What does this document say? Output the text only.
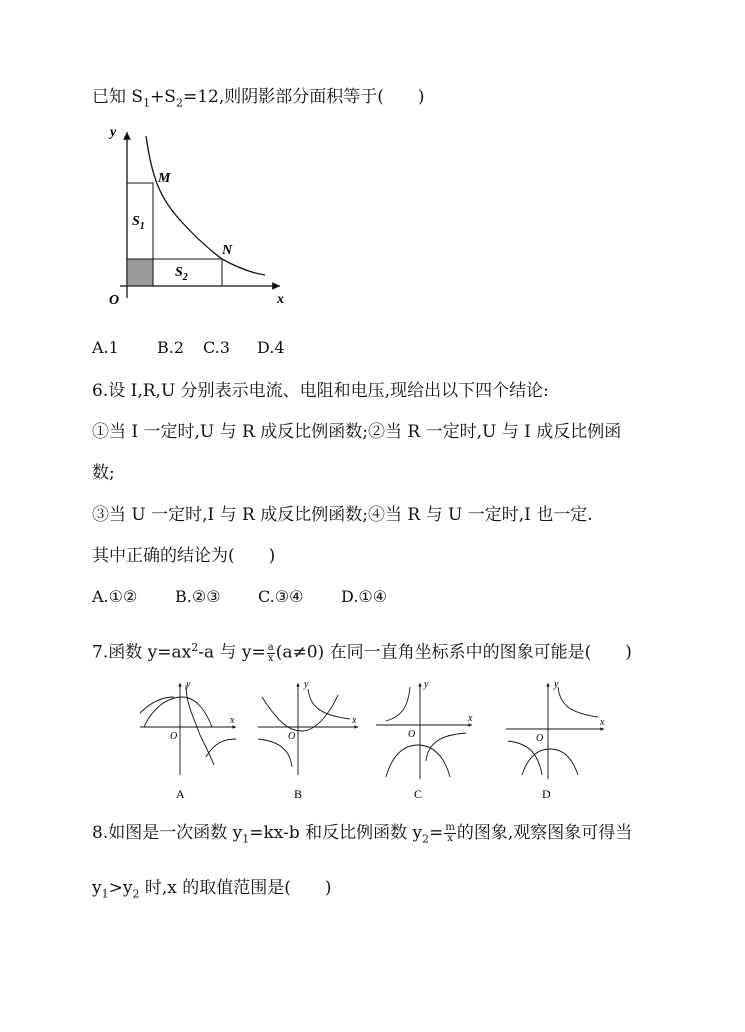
已知 $S_1+S_2=12$,则阴影部分面积等于(　　)
y
x
O
M
N
$S_1$
$S_2$
A.1 B.2 C.3 D.4
6.设 I,R,U 分别表示电流、电阻和电压,现给出以下四个结论:
①当 I 一定时,U 与 R 成反比例函数;②当 R 一定时,U 与 I 成反比例函
数;
③当 U 一定时,I 与 R 成反比例函数;④当 R 与 U 一定时,I 也一定.
其中正确的结论为(　　)
A.①② B.②③ C.③④ D.①④
7.函数 $y=ax^2-a$ 与 $y= \frac{a}{x} (a\ne 0)$ 在同一直角坐标系中的图象可能是(　　)
y
x
O
A
y
x
O
B
y
x
O
C
y
x
O
D
8.如图是一次函数 $y_1=kx-b$ 和反比例函数 $y_2= \frac{m}{x}$ 的图象,观察图象可得当
$y_1>y_2$ 时,x 的取值范围是(　　)
